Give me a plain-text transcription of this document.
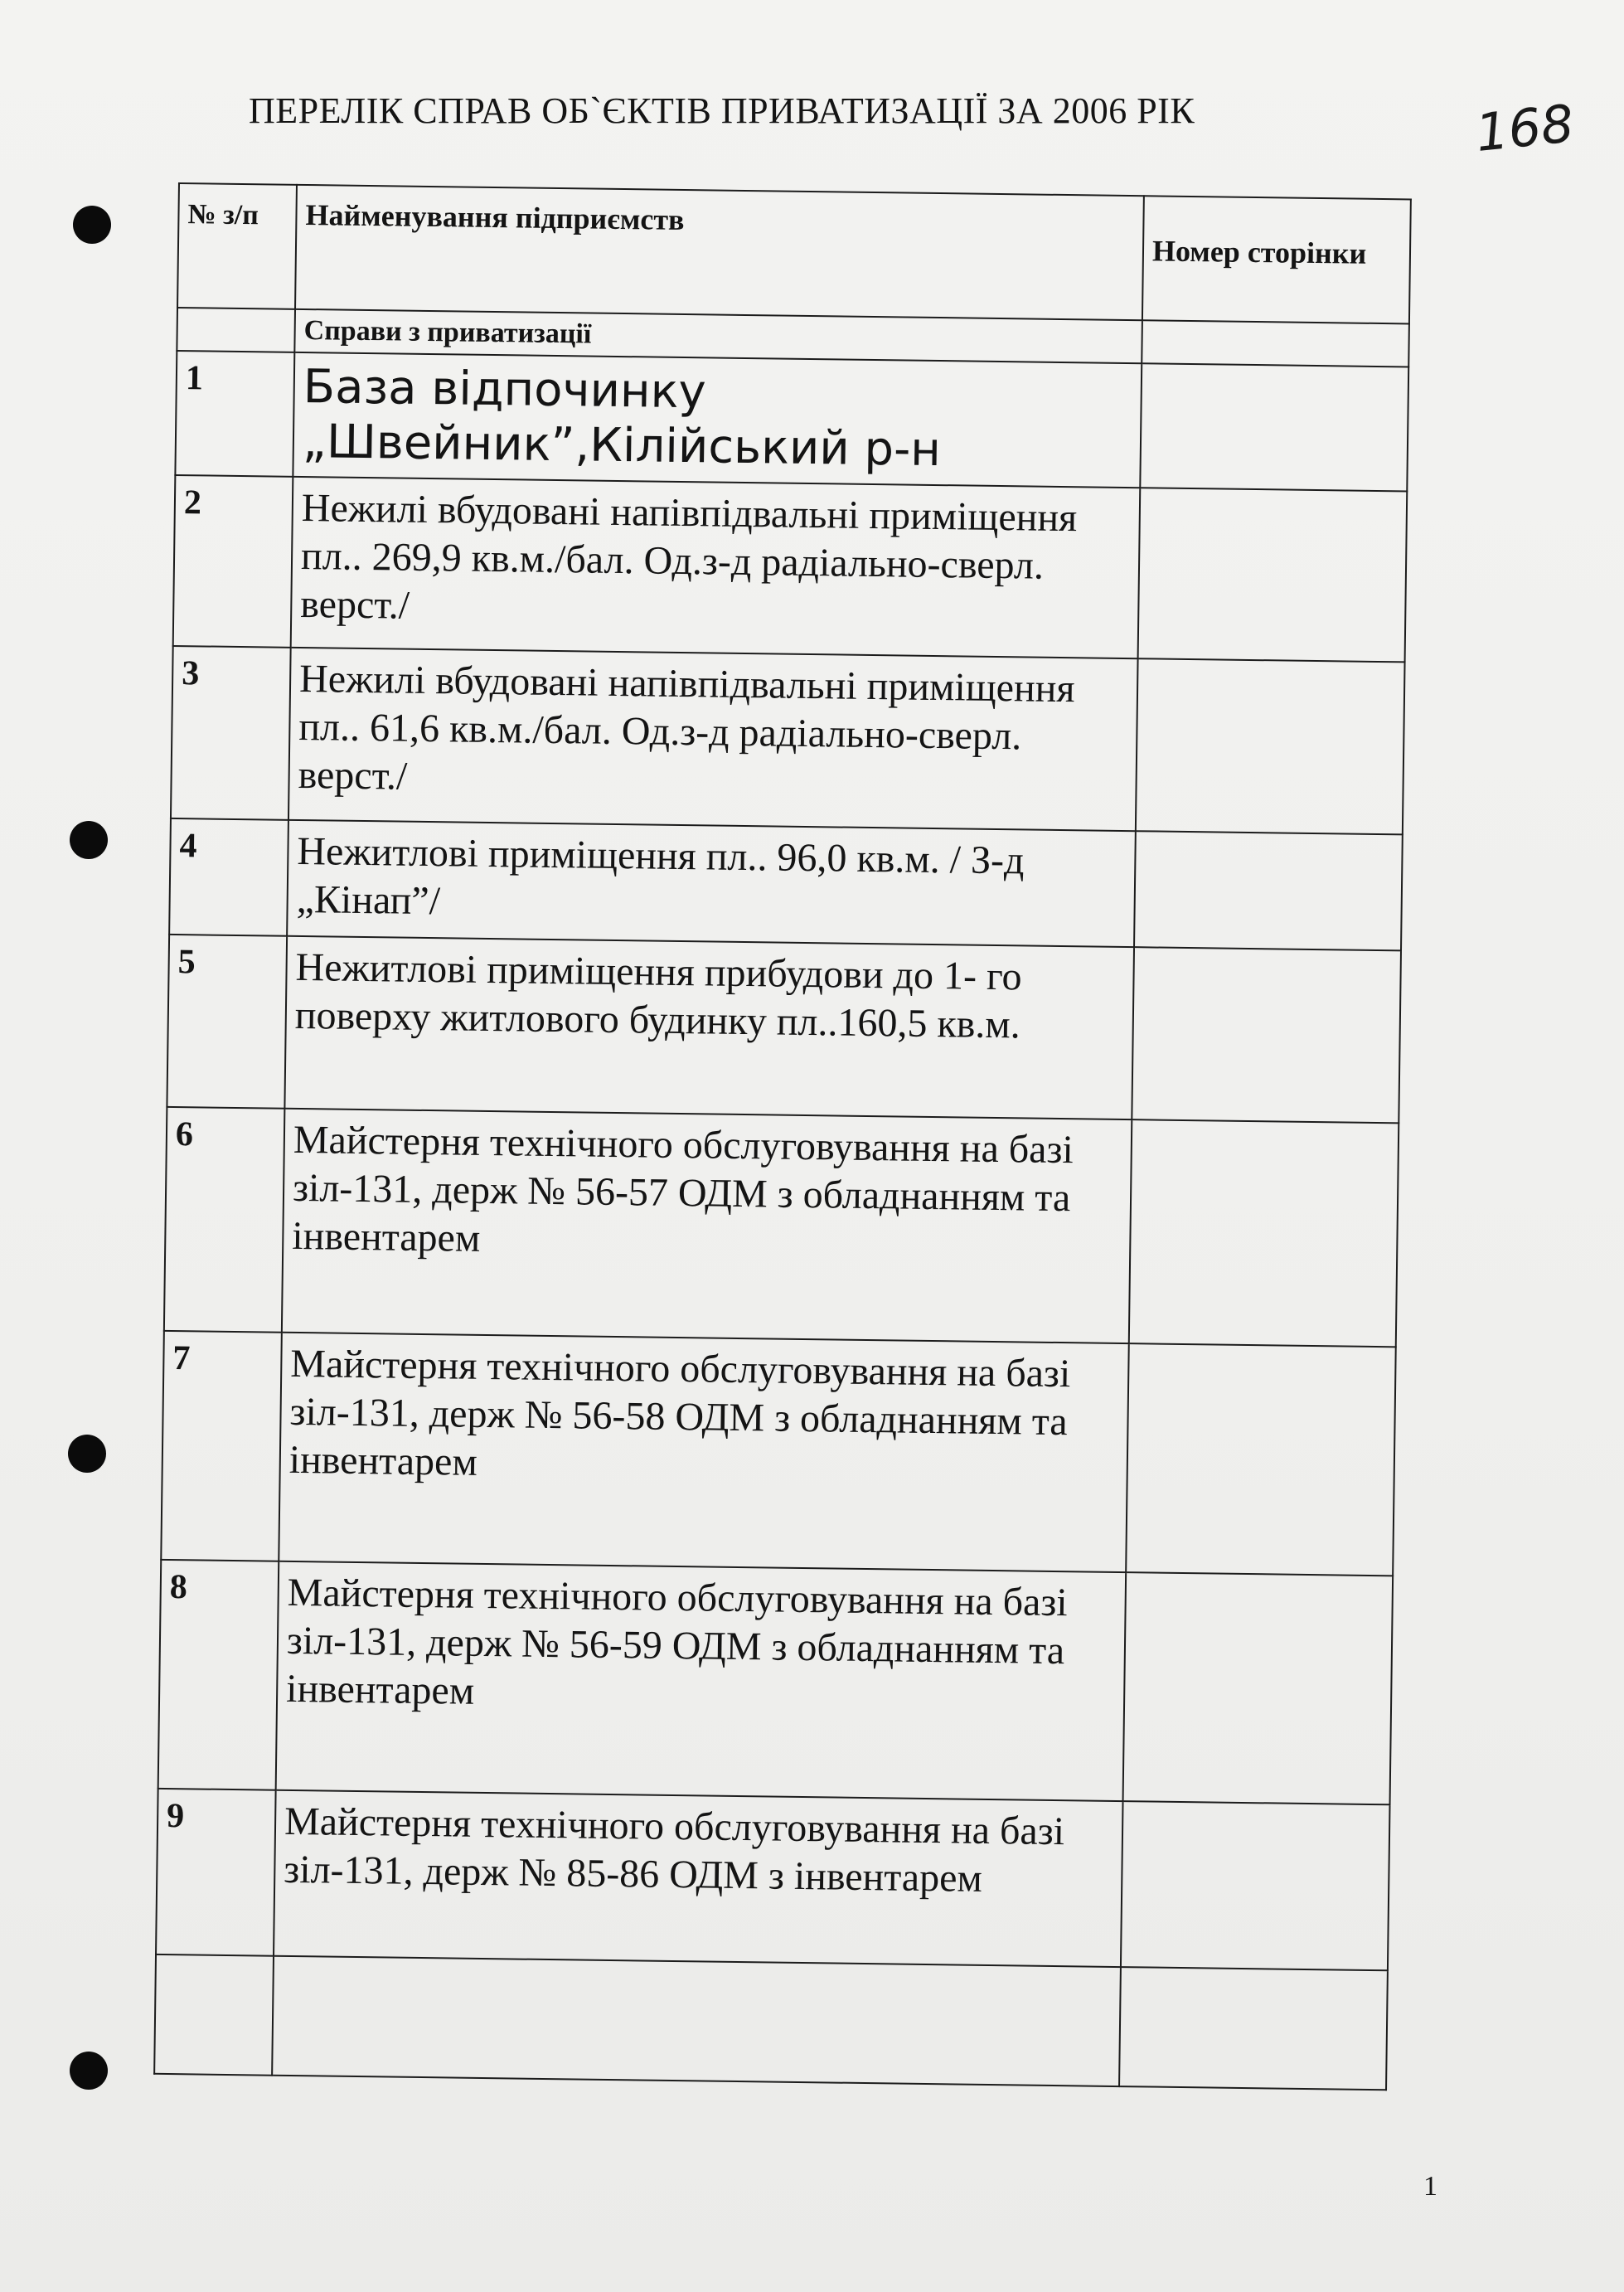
ПЕРЕЛІК СПРАВ ОБ`ЄКТІВ ПРИВАТИЗАЦІЇ ЗА 2006 РІК	168
№ з/п	Найменування підприємств	Номер сторінки
	Справи з приватизації	
1	База відпочинку „Швейник”,Кілійський р-н	
2	Нежилі вбудовані напівпідвальні приміщення пл.. 269,9 кв.м./бал. Од.з-д радіально-сверл. верст./	
3	Нежилі вбудовані напівпідвальні приміщення пл.. 61,6 кв.м./бал. Од.з-д радіально-сверл. верст./	
4	Нежитлові приміщення пл.. 96,0 кв.м. / З-д „Кінап”/	
5	Нежитлові приміщення прибудови до 1- го поверху житлового будинку пл..160,5 кв.м.	
6	Майстерня технічного обслуговування на базі зіл-131, держ № 56-57 ОДМ з обладнанням та інвентарем	
7	Майстерня технічного обслуговування на базі зіл-131, держ № 56-58 ОДМ з обладнанням та інвентарем	
8	Майстерня технічного обслуговування на базі зіл-131, держ № 56-59 ОДМ з обладнанням та інвентарем	
9	Майстерня технічного обслуговування на базі зіл-131, держ № 85-86 ОДМ з інвентарем	

1
